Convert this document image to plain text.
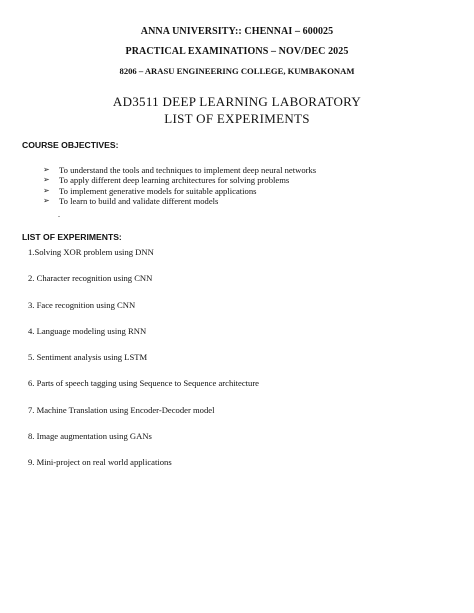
ANNA UNIVERSITY:: CHENNAI – 600025
PRACTICAL EXAMINATIONS – NOV/DEC 2025
8206 – ARASU ENGINEERING COLLEGE, KUMBAKONAM
AD3511 DEEP LEARNING LABORATORY
LIST OF EXPERIMENTS
COURSE OBJECTIVES:
➢ To understand the tools and techniques to implement deep neural networks
➢ To apply different deep learning architectures for solving problems
➢ To implement generative models for suitable applications
➢ To learn to build and validate different models
.
LIST OF EXPERIMENTS:
1.Solving XOR problem using DNN
2. Character recognition using CNN
3. Face recognition using CNN
4. Language modeling using RNN
5. Sentiment analysis using LSTM
6. Parts of speech tagging using Sequence to Sequence architecture
7. Machine Translation using Encoder-Decoder model
8. Image augmentation using GANs
9. Mini-project on real world applications
